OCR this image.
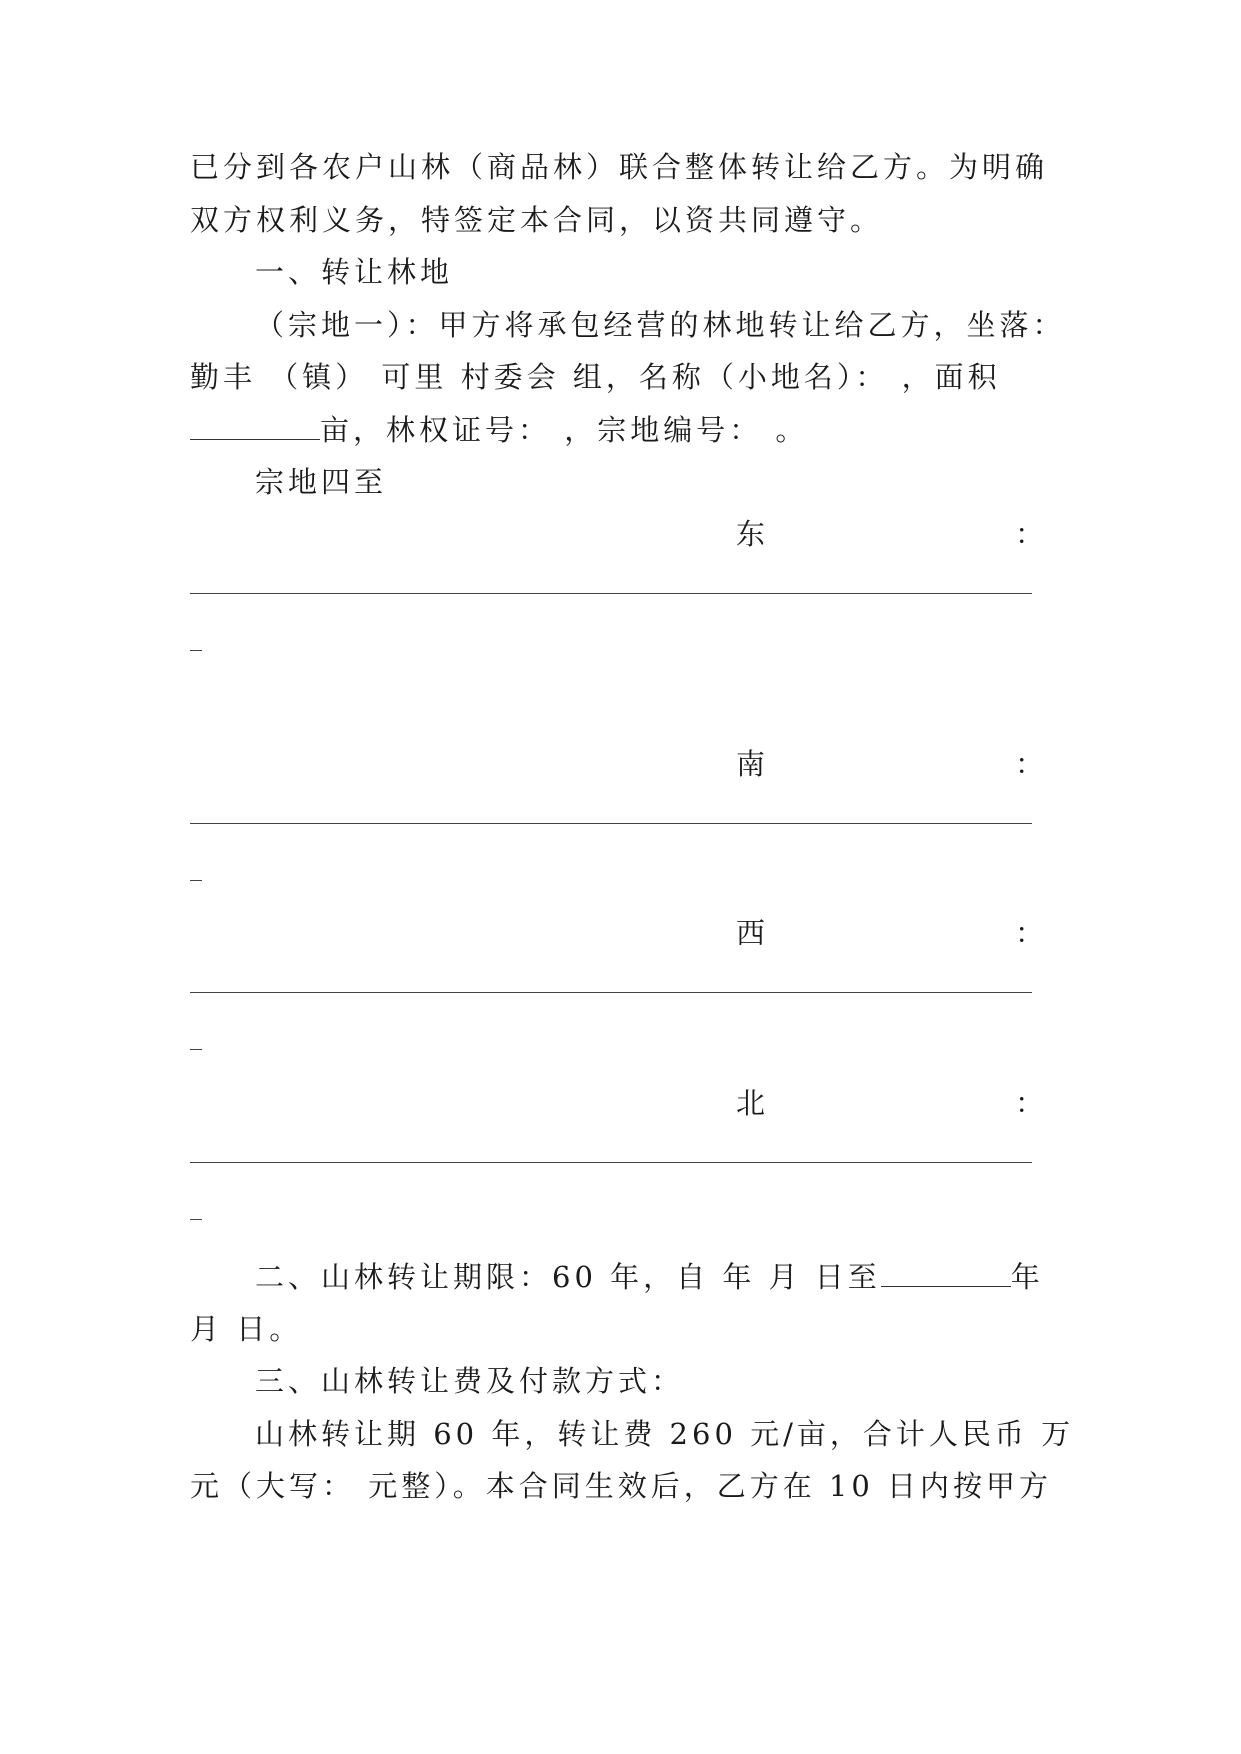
已分到各农户山林（商品林）联合整体转让给乙方。为明确

双方权利义务，特签定本合同，以资共同遵守。

一、转让林地

（宗地一）：甲方将承包经营的林地转让给乙方，坐落：

勤丰 （镇） 可里 村委会 组，名称（小地名）： ，面积

亩，林权证号： ，宗地编号： 。

宗地四至

东	：

南	：

西	：

北	：

二、山林转让期限：60 年，自 年 月 日至	年

月 日。

三、山林转让费及付款方式：

山林转让期 60 年，转让费 260 元/亩，合计人民币 万

元（大写： 元整）。本合同生效后，乙方在 10 日内按甲方
